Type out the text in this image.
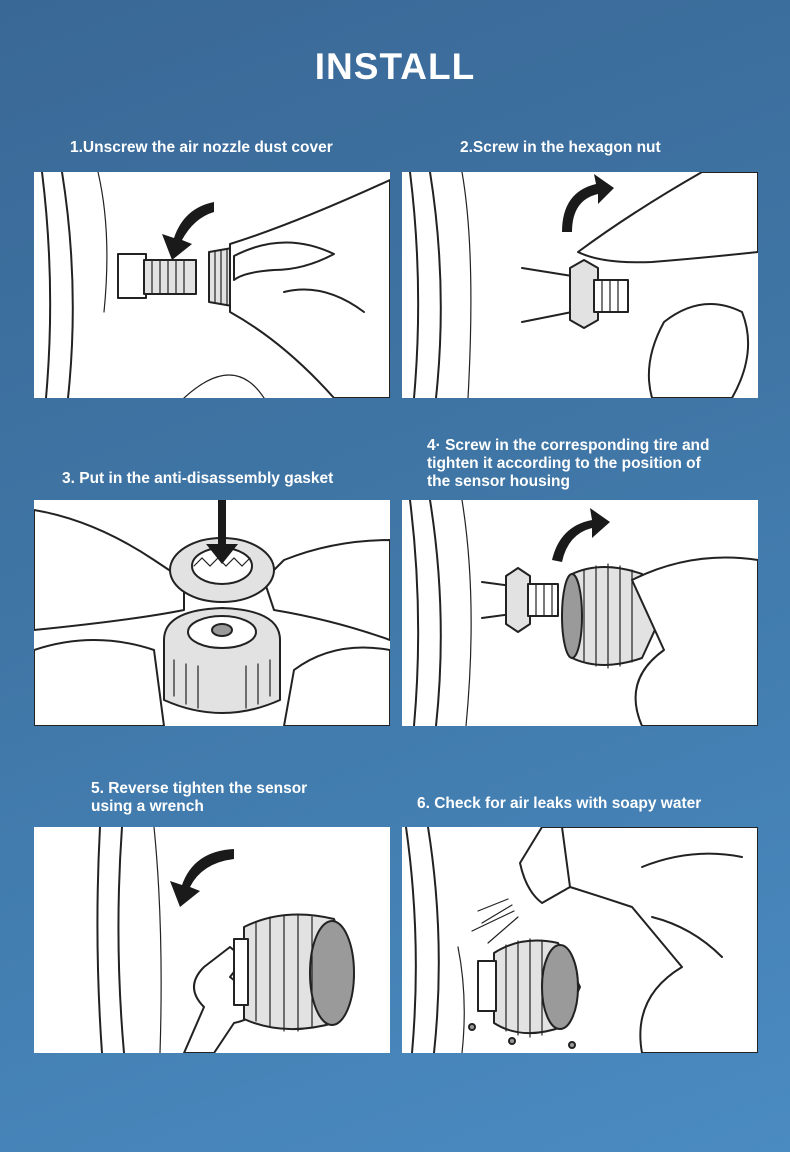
INSTALL

1.Unscrew the air nozzle dust cover	2.Screw in the hexagon nut

3. Put in the anti-disassembly gasket

4· Screw in the corresponding tire and
tighten it according to the position of
the sensor housing

5. Reverse tighten the sensor
using a wrench	6. Check for air leaks with soapy water
